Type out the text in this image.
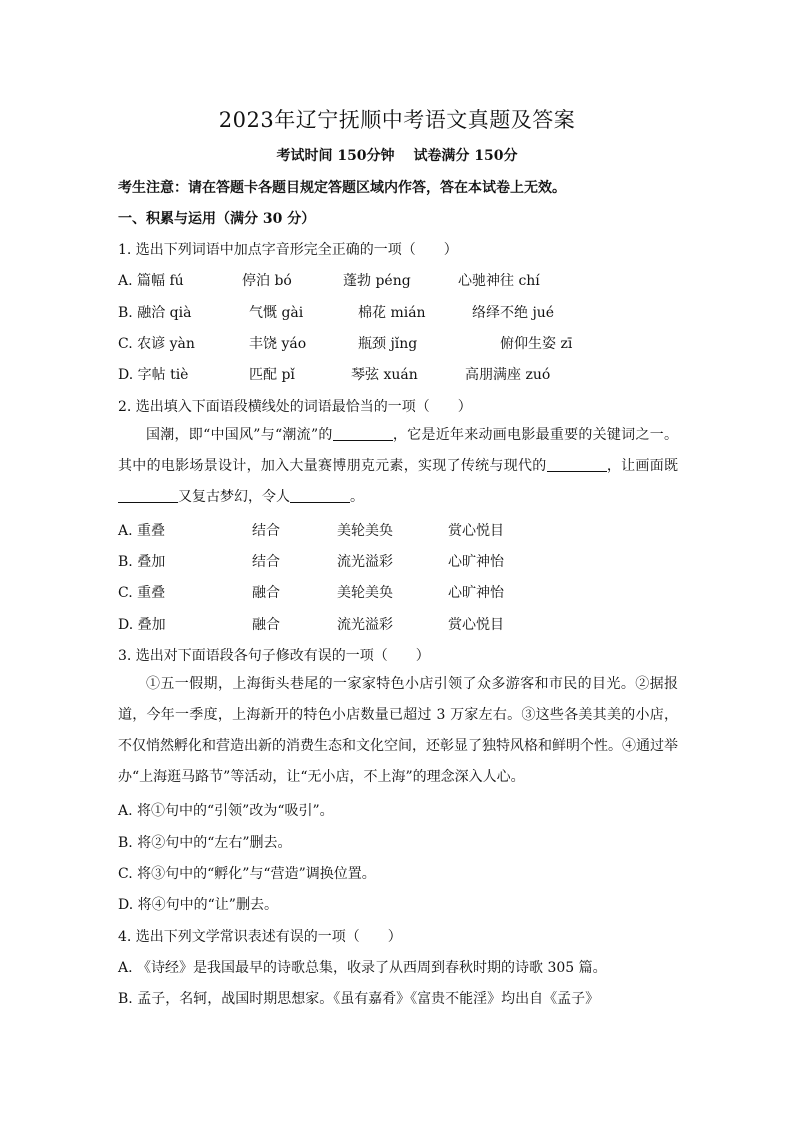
2023年辽宁抚顺中考语文真题及答案
考试时间 150分钟 试卷满分 150分
考生注意：请在答题卡各题目规定答题区域内作答，答在本试卷上无效。
一、积累与运用（满分 30 分）
1. 选出下列词语中加点字音形完全正确的一项（　　）
A. 篇幅 fú	停泊 bó	蓬勃 péng	心驰神往 chí
B. 融洽 qià	气慨 gài	棉花 mián	络绎不绝 jué
C. 农谚 yàn	丰饶 yáo	瓶颈 jǐng	俯仰生姿 zī
D. 字帖 tiè	匹配 pǐ	琴弦 xuán	高朋满座 zuó
2. 选出填入下面语段横线处的词语最恰当的一项（　　）
国潮，即“中国风”与“潮流”的	，它是近年来动画电影最重要的关键词之一。其中的电影场景设计，加入大量赛博朋克元素，实现了传统与现代的	，让画面既又复古梦幻，令人	。
A. 重叠	结合	美轮美奂	赏心悦目
B. 叠加	结合	流光溢彩	心旷神怡
C. 重叠	融合	美轮美奂	心旷神怡
D. 叠加	融合	流光溢彩	赏心悦目
3. 选出对下面语段各句子修改有误的一项（　　）
①五一假期，上海街头巷尾的一家家特色小店引领了众多游客和市民的目光。②据报道，今年一季度，上海新开的特色小店数量已超过 3 万家左右。③这些各美其美的小店，不仅悄然孵化和营造出新的消费生态和文化空间，还彰显了独特风格和鲜明个性。④通过举办“上海逛马路节”等活动，让“无小店，不上海”的理念深入人心。
A. 将①句中的“引领”改为“吸引”。
B. 将②句中的“左右”删去。
C. 将③句中的“孵化”与“营造”调换位置。
D. 将④句中的“让”删去。
4. 选出下列文学常识表述有误的一项（　　）
A. 《诗经》是我国最早的诗歌总集，收录了从西周到春秋时期的诗歌 305 篇。
B. 孟子，名轲，战国时期思想家。《虽有嘉肴》《富贵不能淫》均出自《孟子》
